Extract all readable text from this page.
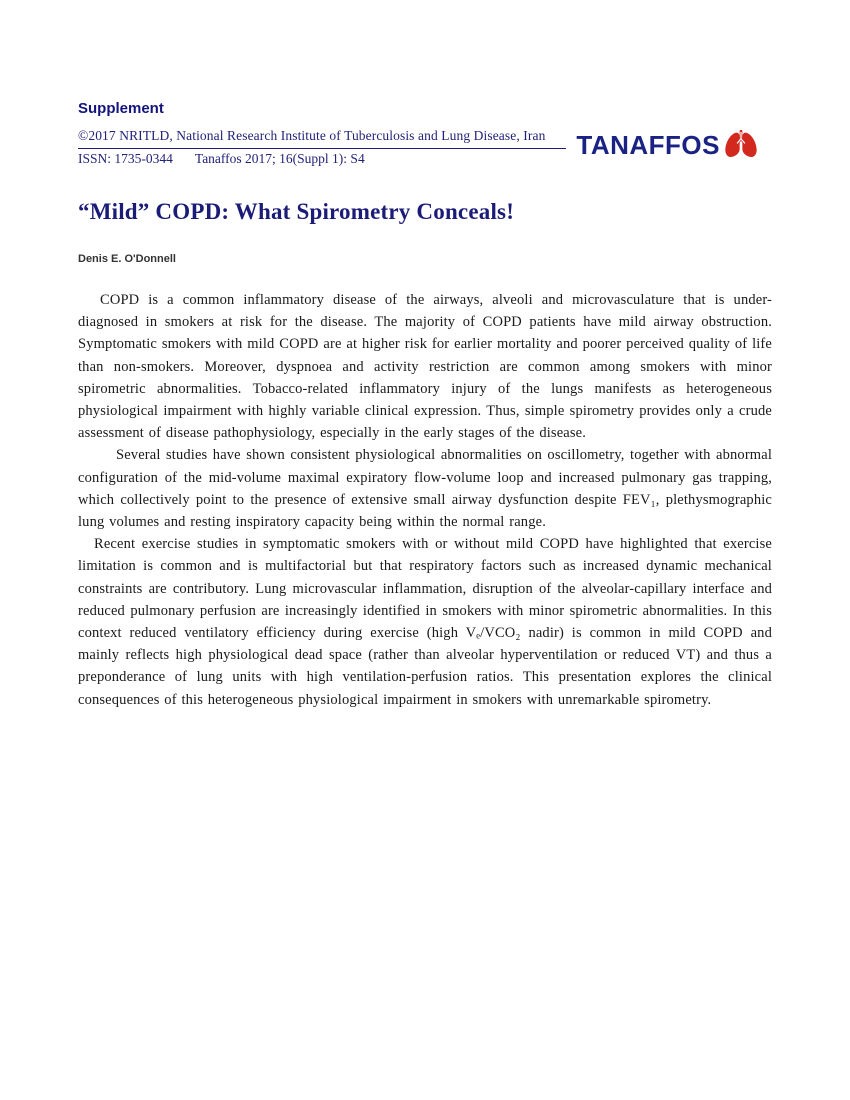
Supplement
©2017 NRITLD, National Research Institute of Tuberculosis and Lung Disease, Iran
ISSN: 1735-0344 Tanaffos 2017; 16(Suppl 1): S4	TANAFFOS
“Mild” COPD: What Spirometry Conceals!
Denis E. O'Donnell

COPD is a common inflammatory disease of the airways, alveoli and microvasculature that is under-diagnosed in smokers at risk for the disease. The majority of COPD patients have mild airway obstruction. Symptomatic smokers with mild COPD are at higher risk for earlier mortality and poorer perceived quality of life than non-smokers. Moreover, dyspnoea and activity restriction are common among smokers with minor spirometric abnormalities. Tobacco-related inflammatory injury of the lungs manifests as heterogeneous physiological impairment with highly variable clinical expression. Thus, simple spirometry provides only a crude assessment of disease pathophysiology, especially in the early stages of the disease.

Several studies have shown consistent physiological abnormalities on oscillometry, together with abnormal configuration of the mid-volume maximal expiratory flow-volume loop and increased pulmonary gas trapping, which collectively point to the presence of extensive small airway dysfunction despite FEV₁, plethysmographic lung volumes and resting inspiratory capacity being within the normal range.

Recent exercise studies in symptomatic smokers with or without mild COPD have highlighted that exercise limitation is common and is multifactorial but that respiratory factors such as increased dynamic mechanical constraints are contributory. Lung microvascular inflammation, disruption of the alveolar-capillary interface and reduced pulmonary perfusion are increasingly identified in smokers with minor spirometric abnormalities. In this context reduced ventilatory efficiency during exercise (high Vₑ/VCO₂ nadir) is common in mild COPD and mainly reflects high physiological dead space (rather than alveolar hyperventilation or reduced VT) and thus a preponderance of lung units with high ventilation-perfusion ratios. This presentation explores the clinical consequences of this heterogeneous physiological impairment in smokers with unremarkable spirometry.
